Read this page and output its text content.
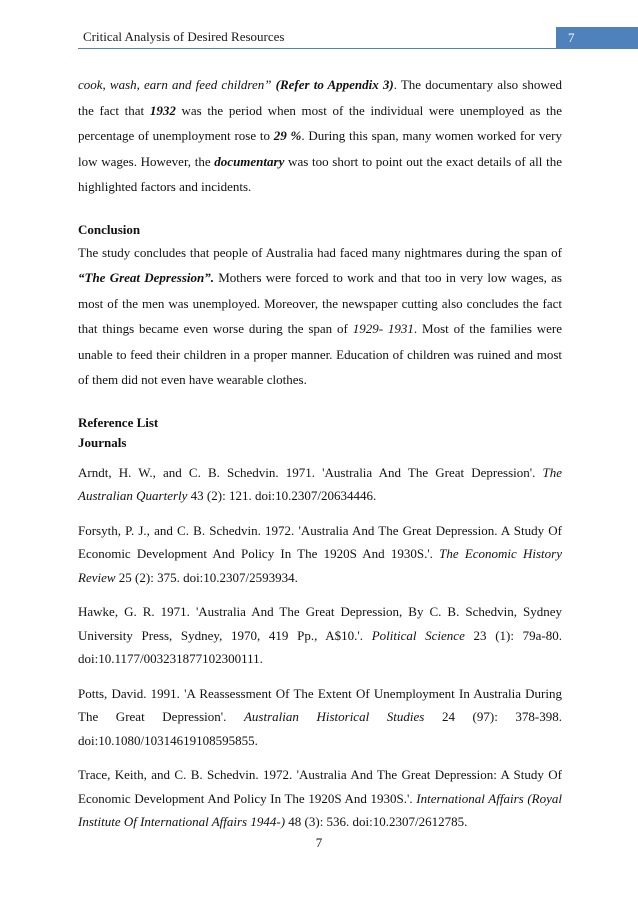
Critical Analysis of Desired Resources	7

cook, wash, earn and feed children” (Refer to Appendix 3). The documentary also showed the fact that 1932 was the period when most of the individual were unemployed as the percentage of unemployment rose to 29 %. During this span, many women worked for very low wages. However, the documentary was too short to point out the exact details of all the highlighted factors and incidents.

Conclusion

The study concludes that people of Australia had faced many nightmares during the span of “The Great Depression”. Mothers were forced to work and that too in very low wages, as most of the men was unemployed. Moreover, the newspaper cutting also concludes the fact that things became even worse during the span of 1929- 1931. Most of the families were unable to feed their children in a proper manner. Education of children was ruined and most of them did not even have wearable clothes.

Reference List

Journals

Arndt, H. W., and C. B. Schedvin. 1971. 'Australia And The Great Depression'. The Australian Quarterly 43 (2): 121. doi:10.2307/20634446.

Forsyth, P. J., and C. B. Schedvin. 1972. 'Australia And The Great Depression. A Study Of Economic Development And Policy In The 1920S And 1930S.'. The Economic History Review 25 (2): 375. doi:10.2307/2593934.

Hawke, G. R. 1971. 'Australia And The Great Depression, By C. B. Schedvin, Sydney University Press, Sydney, 1970, 419 Pp., A$10.'. Political Science 23 (1): 79a-80. doi:10.1177/003231877102300111.

Potts, David. 1991. 'A Reassessment Of The Extent Of Unemployment In Australia During The Great Depression'. Australian Historical Studies 24 (97): 378-398. doi:10.1080/10314619108595855.

Trace, Keith, and C. B. Schedvin. 1972. 'Australia And The Great Depression: A Study Of Economic Development And Policy In The 1920S And 1930S.'. International Affairs (Royal Institute Of International Affairs 1944-) 48 (3): 536. doi:10.2307/2612785.

7
